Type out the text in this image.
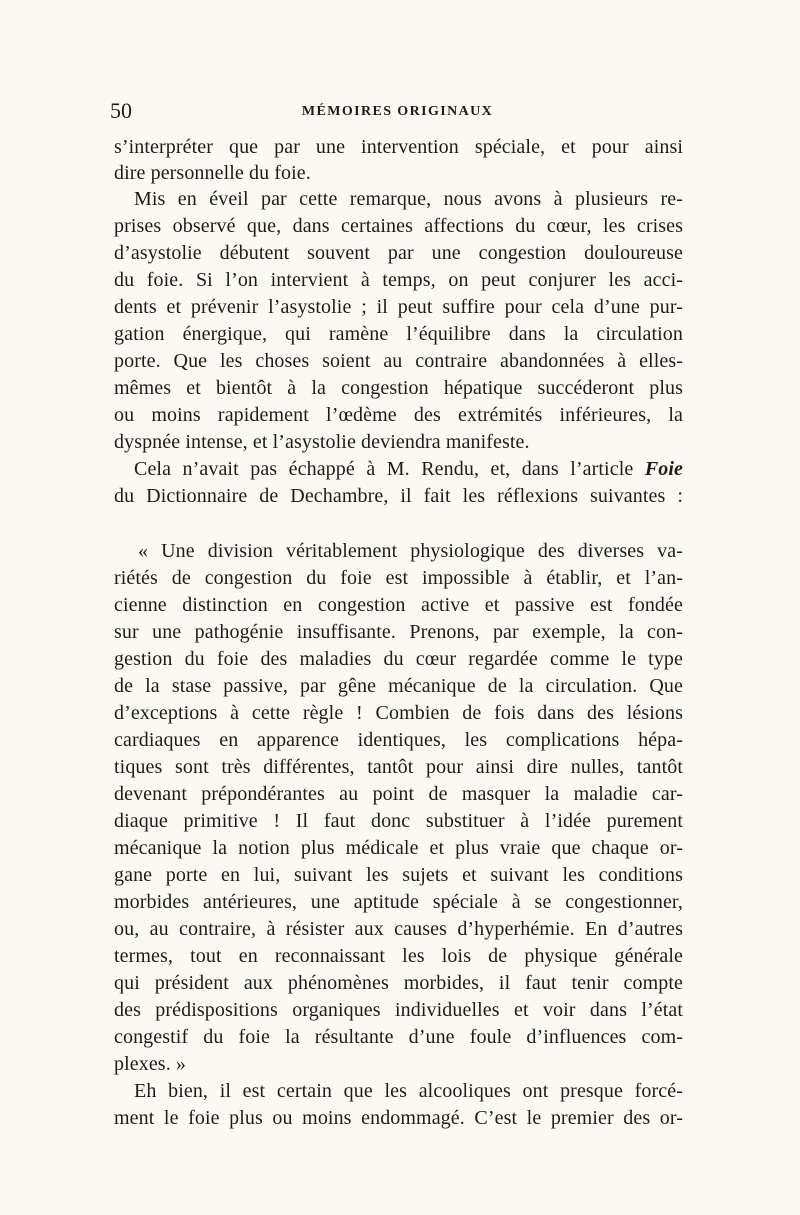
50	MÉMOIRES ORIGINAUX
s’interpréter que par une intervention spéciale, et pour ainsi
dire personnelle du foie.
Mis en éveil par cette remarque, nous avons à plusieurs re-
prises observé que, dans certaines affections du cœur, les crises
d’asystolie débutent souvent par une congestion douloureuse
du foie. Si l’on intervient à temps, on peut conjurer les acci-
dents et prévenir l’asystolie ; il peut suffire pour cela d’une pur-
gation énergique, qui ramène l’équilibre dans la circulation
porte. Que les choses soient au contraire abandonnées à elles-
mêmes et bientôt à la congestion hépatique succéderont plus
ou moins rapidement l’œdème des extrémités inférieures, la
dyspnée intense, et l’asystolie deviendra manifeste.
Cela n’avait pas échappé à M. Rendu, et, dans l’article Foie
du Dictionnaire de Dechambre, il fait les réflexions suivantes :
« Une division véritablement physiologique des diverses va-
riétés de congestion du foie est impossible à établir, et l’an-
cienne distinction en congestion active et passive est fondée
sur une pathogénie insuffisante. Prenons, par exemple, la con-
gestion du foie des maladies du cœur regardée comme le type
de la stase passive, par gêne mécanique de la circulation. Que
d’exceptions à cette règle ! Combien de fois dans des lésions
cardiaques en apparence identiques, les complications hépa-
tiques sont très différentes, tantôt pour ainsi dire nulles, tantôt
devenant prépondérantes au point de masquer la maladie car-
diaque primitive ! Il faut donc substituer à l’idée purement
mécanique la notion plus médicale et plus vraie que chaque or-
gane porte en lui, suivant les sujets et suivant les conditions
morbides antérieures, une aptitude spéciale à se congestionner,
ou, au contraire, à résister aux causes d’hyperhémie. En d’autres
termes, tout en reconnaissant les lois de physique générale
qui président aux phénomènes morbides, il faut tenir compte
des prédispositions organiques individuelles et voir dans l’état
congestif du foie la résultante d’une foule d’influences com-
plexes. »
Eh bien, il est certain que les alcooliques ont presque forcé-
ment le foie plus ou moins endommagé. C’est le premier des or-
